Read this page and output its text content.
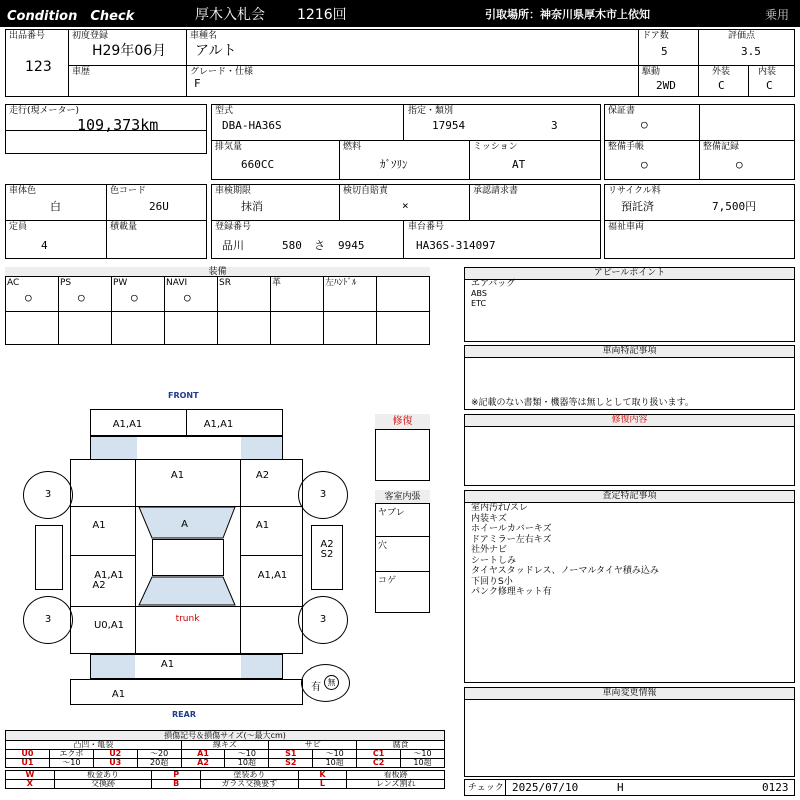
Condition　Check	厚木入札会 1216回	引取場所：神奈川県厚木市上依知	乗用
出品番号
123
初度登録
H29年06月
車種名
アルト
ドア数
5
評価点
3.5
車歴	グレード・仕様
F
駆動
2WD
外装
C
内装
C
走行(現メーター)
109,373km
型式
DBA-HA36S
指定・類別
17954	3
排気量
660CC
燃料
ｶﾞｿﾘﾝ
ミッション
AT
保証書
○
整備手帳
○
整備記録
○
車体色
白
色コード
26U
定員
4
積載量
車検期限
抹消
検切自賠責
×
承認請求書
登録番号
品川	580 さ 9945
車台番号
HA36S-314097
リサイクル料
預託済	7,500円
福祉車両
装備
AC
○
PS
○
PW
○
NAVI
○
SR	革	左ﾊﾝﾄﾞﾙ
アピールポイント
エアバッグ
ABS
ETC
車両特記事項
※記載のない書類・機器等は無しとして取り扱います。
修復内容
査定特記事項
室内汚れ/スレ
内装キズ
ホイールカバーキズ
ドアミラー左右キズ
社外ナビ
シートしみ
タイヤスタッドレス、ノーマルタイヤ積み込み
下回りS小
パンク修理キット有
車両変更情報
チェック 2025/07/10	H	0123
FRONT
REAR
A1,A1	A1,A1
A1	A2
A1	A	A1
A1,A1
A2
A1,A1
U0,A1
trunk
A1
A1
A2
S2
3	3
3	3
有 無
修復
客室内張
ヤブレ
穴
コゲ
損傷記号＆損傷サイズ(～最大cm)
凸凹・亀裂				線キズ		サビ		腐食	
U0	エクボ	U2	～20	A1	～10	S1	～10	C1	～10
U1	～10	U3	20超	A2	10超	S2	10超	C2	10超
W	板金あり	P	塗装あり	K	看板跡
X	交換跡	B	ガラス交換要す	L	レンズ割れ
